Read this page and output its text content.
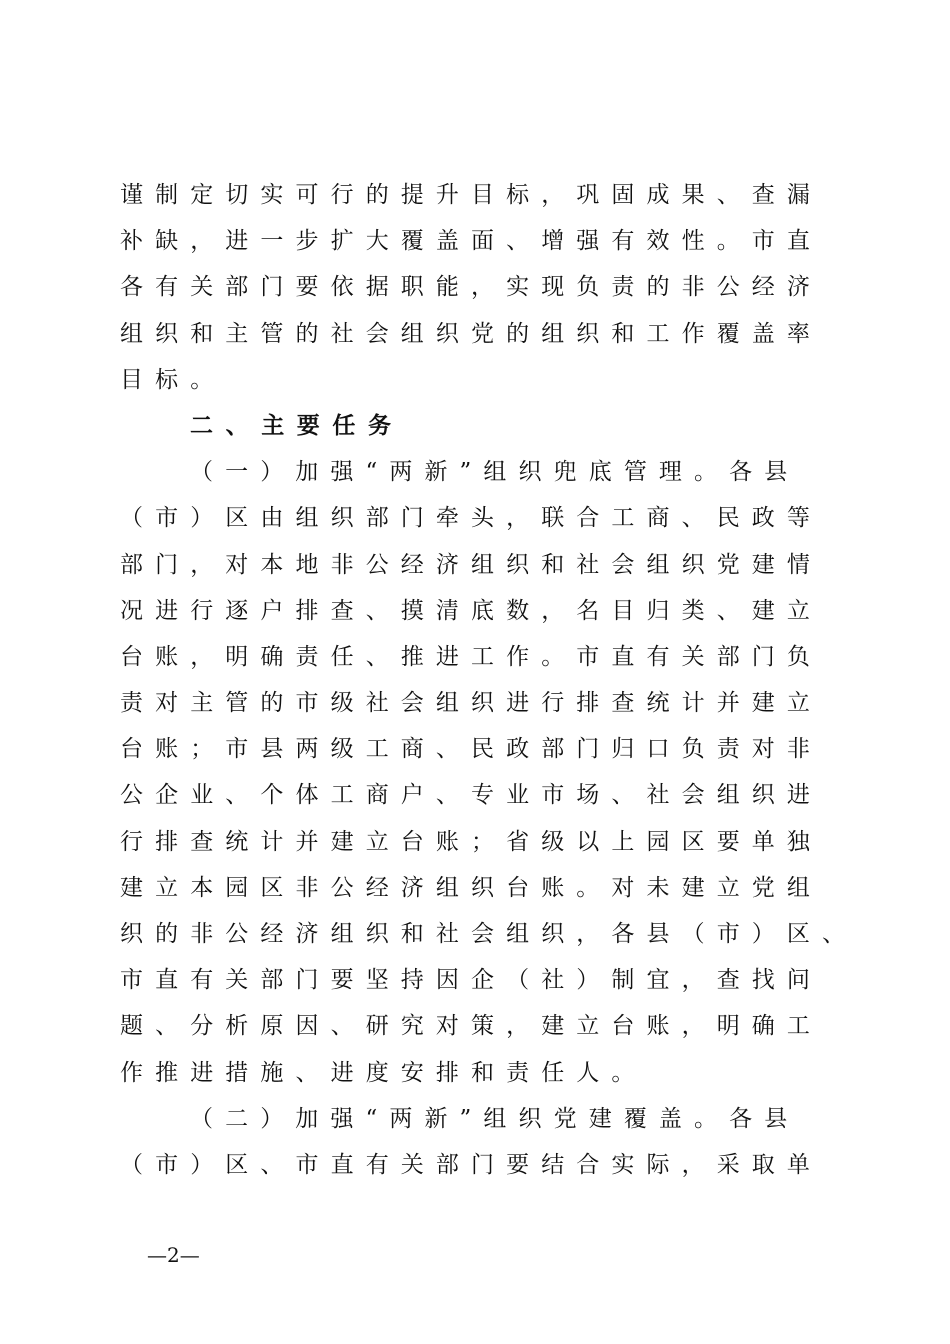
谨制定切实可行的提升目标，巩固成果、查漏
补缺，进一步扩大覆盖面、增强有效性。市直
各有关部门要依据职能，实现负责的非公经济
组织和主管的社会组织党的组织和工作覆盖率
目标。
二、主要任务
（一）加强“两新”组织兜底管理。各县
（市）区由组织部门牵头，联合工商、民政等
部门，对本地非公经济组织和社会组织党建情
况进行逐户排查、摸清底数，名目归类、建立
台账，明确责任、推进工作。市直有关部门负
责对主管的市级社会组织进行排查统计并建立
台账；市县两级工商、民政部门归口负责对非
公企业、个体工商户、专业市场、社会组织进
行排查统计并建立台账；省级以上园区要单独
建立本园区非公经济组织台账。对未建立党组
织的非公经济组织和社会组织，各县（市）区、
市直有关部门要坚持因企（社）制宜，查找问
题、分析原因、研究对策，建立台账，明确工
作推进措施、进度安排和责任人。
（二）加强“两新”组织党建覆盖。各县
（市）区、市直有关部门要结合实际，采取单
—2—
